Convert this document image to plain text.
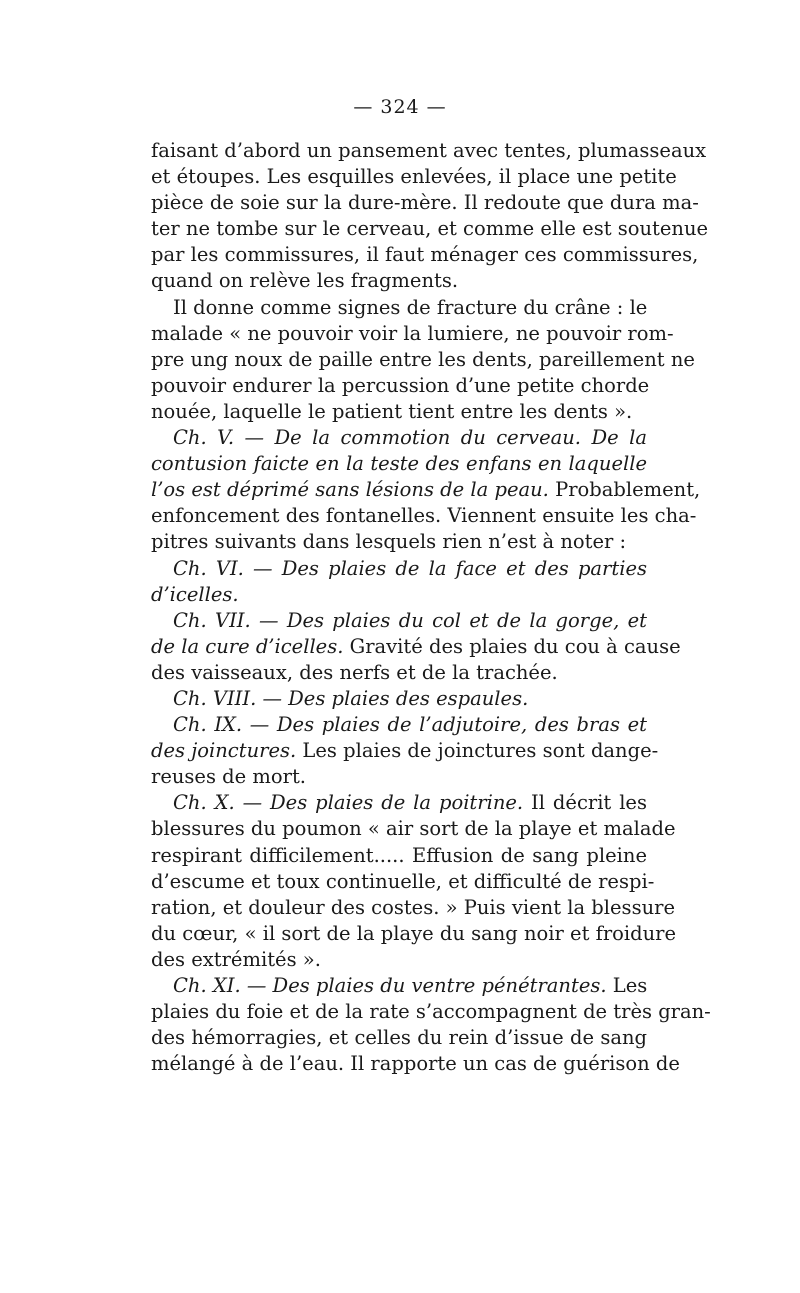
— 324 —
faisant d’abord un pansement avec tentes, plumasseaux
et étoupes. Les esquilles enlevées, il place une petite
pièce de soie sur la dure-mère. Il redoute que dura ma-
ter ne tombe sur le cerveau, et comme elle est soutenue
par les commissures, il faut ménager ces commissures,
quand on relève les fragments.
Il donne comme signes de fracture du crâne : le
malade « ne pouvoir voir la lumiere, ne pouvoir rom-
pre ung noux de paille entre les dents, pareillement ne
pouvoir endurer la percussion d’une petite chorde
nouée, laquelle le patient tient entre les dents ».
Ch. V. — De la commotion du cerveau. De la
contusion faicte en la teste des enfans en laquelle
l’os est déprimé sans lésions de la peau. Probablement,
enfoncement des fontanelles. Viennent ensuite les cha-
pitres suivants dans lesquels rien n’est à noter :
Ch. VI. — Des plaies de la face et des parties
d’icelles.
Ch. VII. — Des plaies du col et de la gorge, et
de la cure d’icelles. Gravité des plaies du cou à cause
des vaisseaux, des nerfs et de la trachée.
Ch. VIII. — Des plaies des espaules.
Ch. IX. — Des plaies de l’adjutoire, des bras et
des joinctures. Les plaies de joinctures sont dange-
reuses de mort.
Ch. X. — Des plaies de la poitrine. Il décrit les
blessures du poumon « air sort de la playe et malade
respirant difficilement..... Effusion de sang pleine
d’escume et toux continuelle, et difficulté de respi-
ration, et douleur des costes. » Puis vient la blessure
du cœur, « il sort de la playe du sang noir et froidure
des extrémités ».
Ch. XI. — Des plaies du ventre pénétrantes. Les
plaies du foie et de la rate s’accompagnent de très gran-
des hémorragies, et celles du rein d’issue de sang
mélangé à de l’eau. Il rapporte un cas de guérison de
